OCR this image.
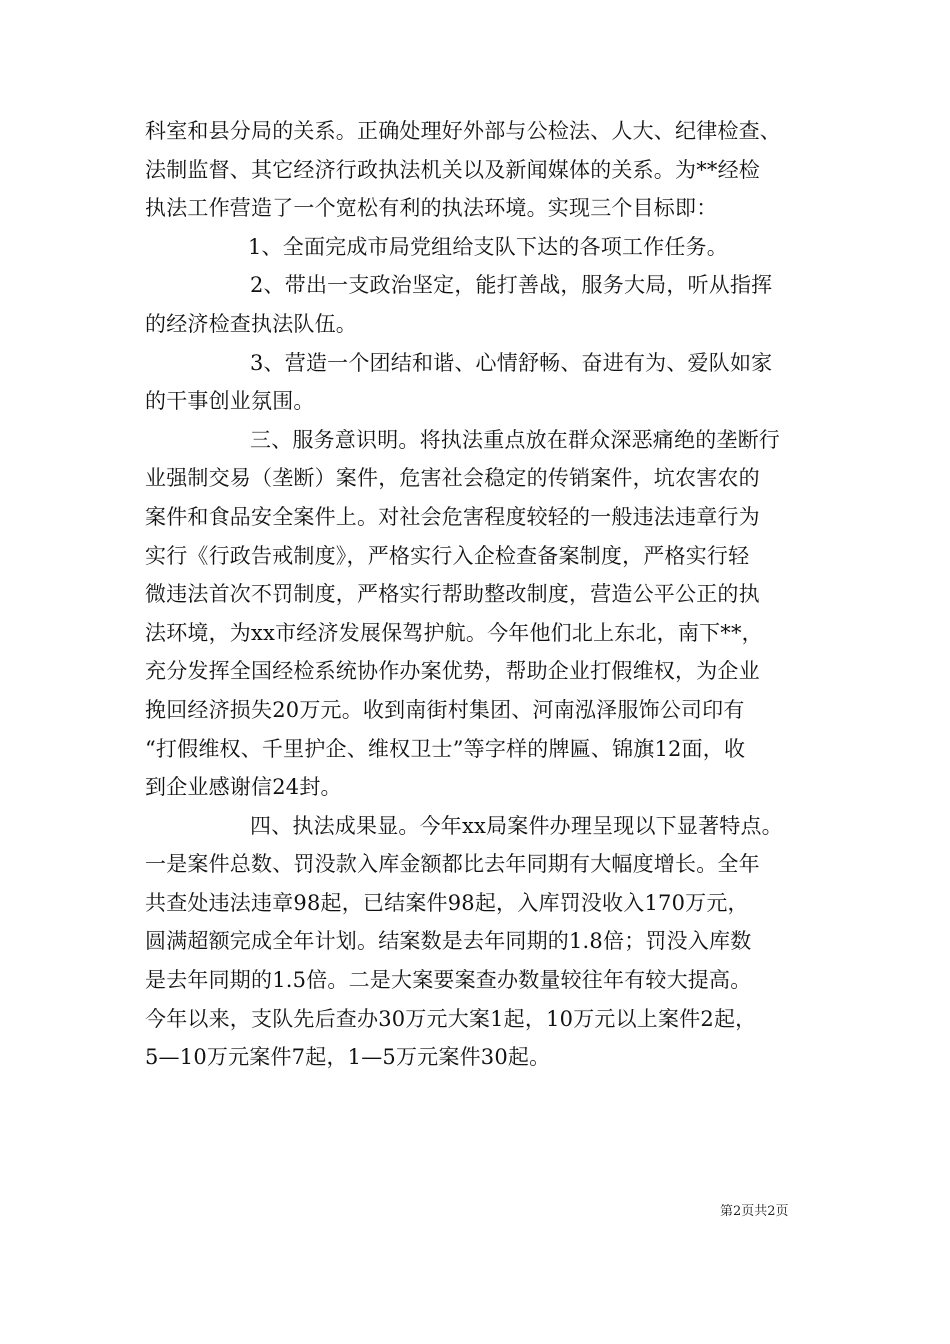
科室和县分局的关系。正确处理好外部与公检法、人大、纪律检查、
法制监督、其它经济行政执法机关以及新闻媒体的关系。为**经检
执法工作营造了一个宽松有利的执法环境。实现三个目标即：
1、全面完成市局党组给支队下达的各项工作任务。
2、带出一支政治坚定，能打善战，服务大局，听从指挥
的经济检查执法队伍。
3、营造一个团结和谐、心情舒畅、奋进有为、爱队如家
的干事创业氛围。
三、服务意识明。将执法重点放在群众深恶痛绝的垄断行
业强制交易（垄断）案件，危害社会稳定的传销案件，坑农害农的
案件和食品安全案件上。对社会危害程度较轻的一般违法违章行为
实行《行政告戒制度》，严格实行入企检查备案制度，严格实行轻
微违法首次不罚制度，严格实行帮助整改制度，营造公平公正的执
法环境，为xx市经济发展保驾护航。今年他们北上东北，南下**，
充分发挥全国经检系统协作办案优势，帮助企业打假维权，为企业
挽回经济损失20万元。收到南街村集团、河南泓泽服饰公司印有
“打假维权、千里护企、维权卫士”等字样的牌匾、锦旗12面，收
到企业感谢信24封。
四、执法成果显。今年xx局案件办理呈现以下显著特点。
一是案件总数、罚没款入库金额都比去年同期有大幅度增长。全年
共查处违法违章98起，已结案件98起，入库罚没收入170万元，
圆满超额完成全年计划。结案数是去年同期的1.8倍；罚没入库数
是去年同期的1.5倍。二是大案要案查办数量较往年有较大提高。
今年以来，支队先后查办30万元大案1起，10万元以上案件2起，
5—10万元案件7起，1—5万元案件30起。
第2页共2页
